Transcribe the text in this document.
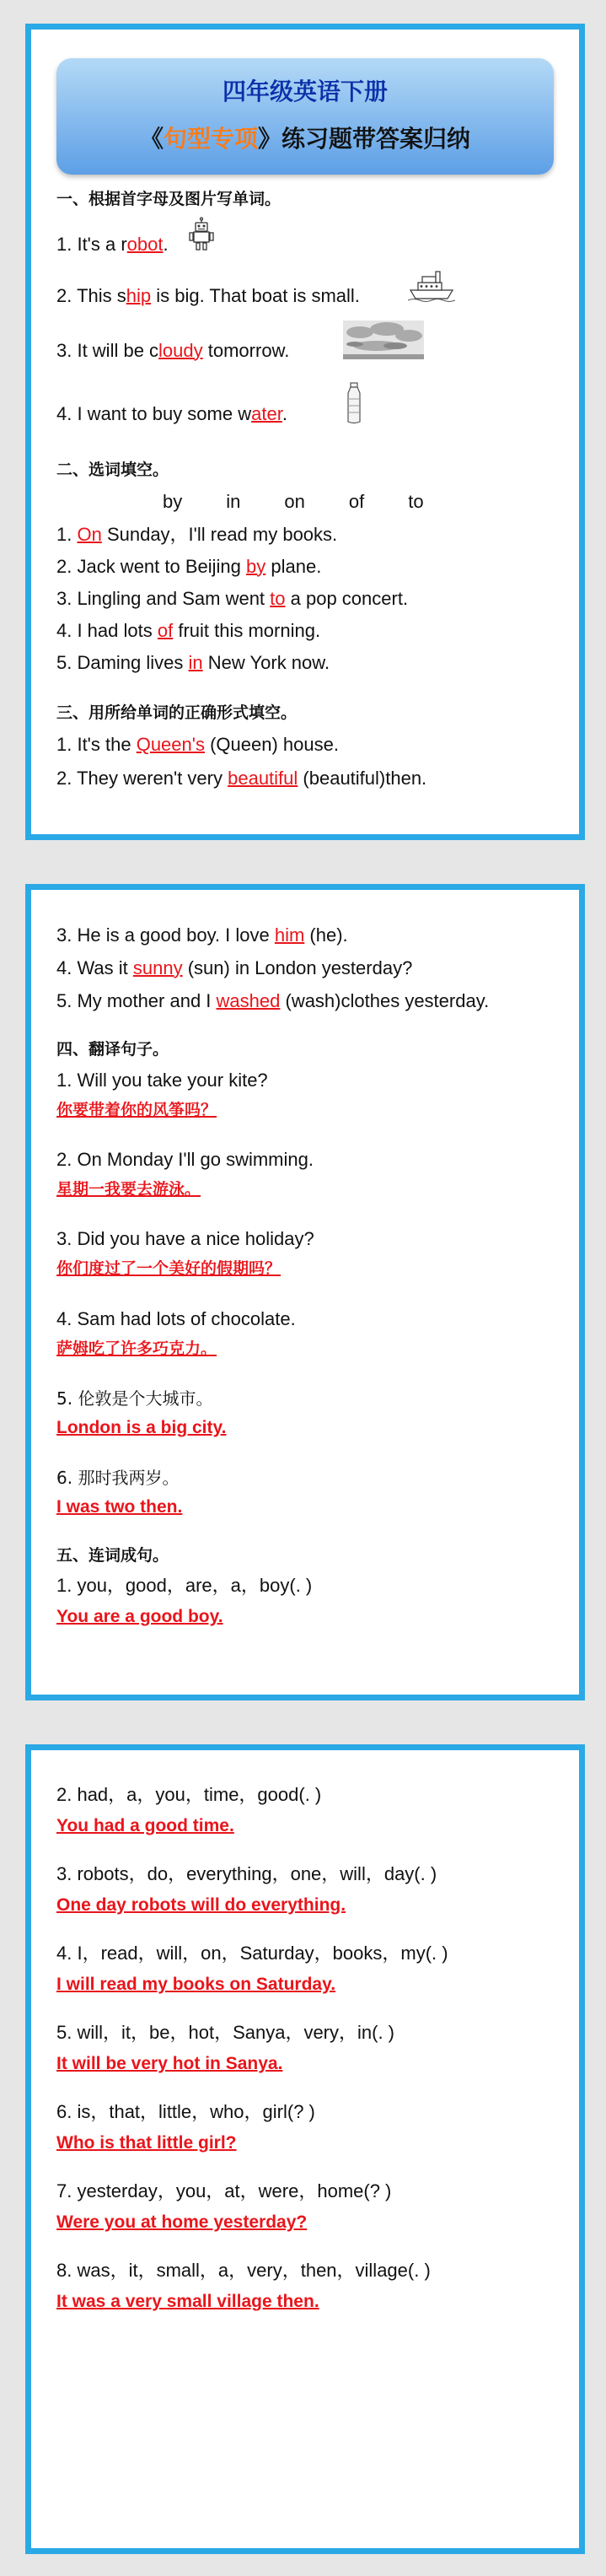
四年级英语下册
《句型专项》练习题带答案归纳
一、根据首字母及图片写单词。
1. It's a robot.
2. This ship is big. That boat is small.
3. It will be cloudy tomorrow.
4. I want to buy some water.
二、选词填空。
by in on of to
1. On Sunday，I'll read my books.
2. Jack went to Beijing by plane.
3. Lingling and Sam went to a pop concert.
4. I had lots of fruit this morning.
5. Daming lives in New York now.
三、用所给单词的正确形式填空。
1. It's the Queen's (Queen) house.
2. They weren't very beautiful (beautiful)then.
3. He is a good boy. I love him (he).
4. Was it sunny (sun) in London yesterday?
5. My mother and I washed (wash)clothes yesterday.
四、翻译句子。
1. Will you take your kite?
你要带着你的风筝吗？
2. On Monday I'll go swimming.
星期一我要去游泳。
3. Did you have a nice holiday?
你们度过了一个美好的假期吗？
4. Sam had lots of chocolate.
萨姆吃了许多巧克力。
5. 伦敦是个大城市。
London is a big city.
6. 那时我两岁。
I was two then.
五、连词成句。
1. you，good，are，a，boy(. )
You are a good boy.
2. had，a，you，time，good(. )
You had a good time.
3. robots，do，everything，one，will，day(. )
One day robots will do everything.
4. I，read，will，on，Saturday，books，my(. )
I will read my books on Saturday.
5. will，it，be，hot，Sanya，very，in(. )
It will be very hot in Sanya.
6. is，that，little，who，girl(? )
Who is that little girl?
7. yesterday，you，at，were，home(? )
Were you at home yesterday?
8. was，it，small，a，very，then，village(. )
It was a very small village then.
